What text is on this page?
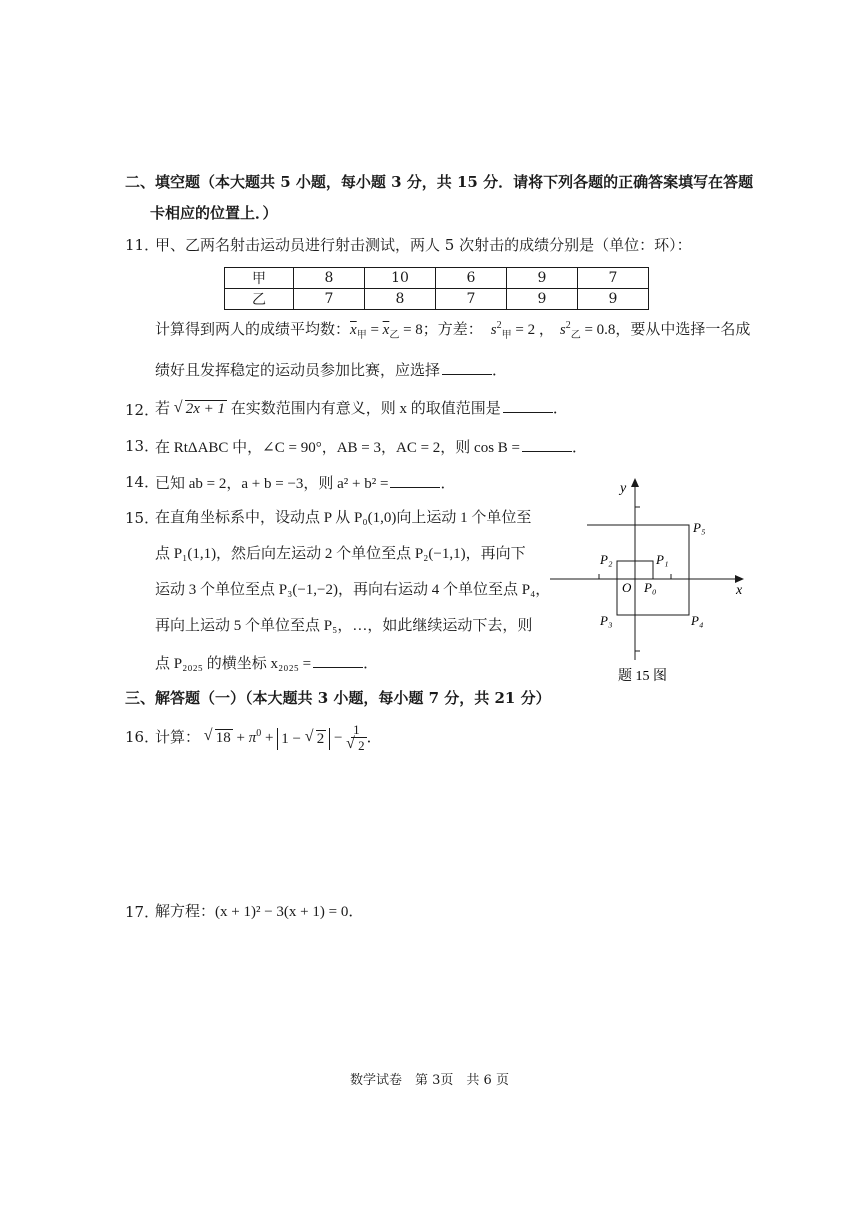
二、填空题（本大题共 5 小题，每小题 3 分，共 15 分．请将下列各题的正确答案填写在答题
卡相应的位置上．）
11．
甲、乙两名射击运动员进行射击测试，两人 5 次射击的成绩分别是（单位：环）：
甲	8	10	6	9	7
乙	7	8	7	9	9
计算得到两人的成绩平均数：$\overline{x}_甲 = \overline{x}_乙 = 8$；方差： $s^2_甲 = 2$ ， $s^2_乙 = 0.8$，要从中选择一名成
绩好且发挥稳定的运动员参加比赛，应选择	．
12．
若 √ 2x + 1 在实数范围内有意义，则 x 的取值范围是	．
13．
在 RtΔABC 中，∠C = 90°，AB = 3，AC = 2，则 cos B =	．
14．
已知 ab = 2，a + b = −3，则 a² + b² =	．
15．
在直角坐标系中，设动点 P 从 P₀(1,0)向上运动 1 个单位至
点 P₁(1,1)，然后向左运动 2 个单位至点 P₂(−1,1)，再向下
运动 3 个单位至点 P₃(−1,−2)，再向右运动 4 个单位至点 P₄，
再向上运动 5 个单位至点 P₅，…，如此继续运动下去，则
点 P₂₀₂₅ 的横坐标 x₂₀₂₅ =	．
y
x
O P₀
P₁
P₂
P₃	P₄
P₅
题 15 图
三、解答题（一）（本大题共 3 小题，每小题 7 分，共 21 分）
16．
计算： √ $18 + \pi^0 + 1$ − √ 2 − 1
√ 2 ．
17．
解方程：(x + 1)² − 3(x + 1) = 0．
数学试卷　第 3页　共 6 页
